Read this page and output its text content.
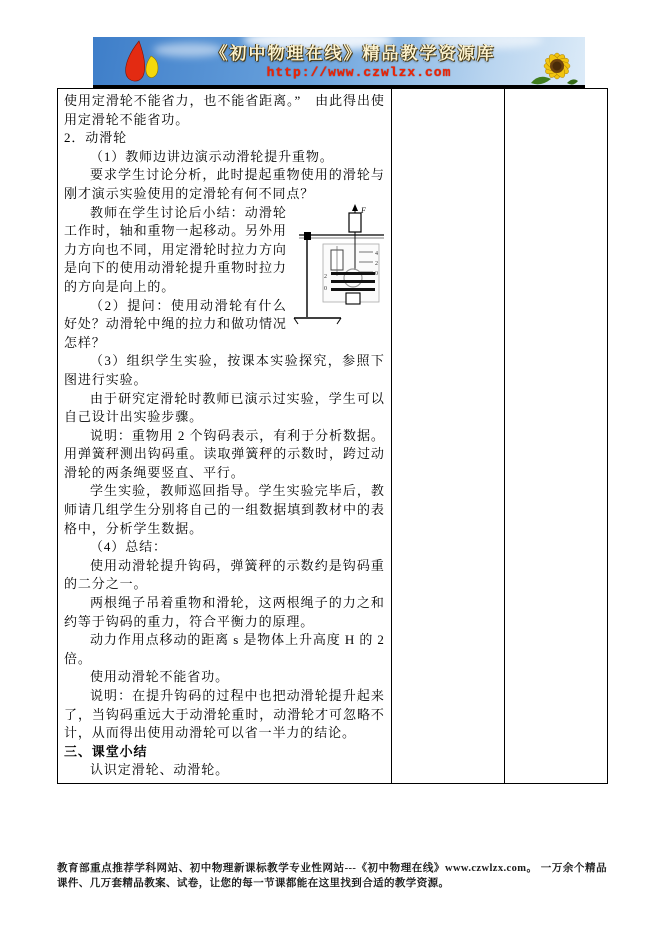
《初中物理在线》精品教学资源库
http://www.czwlzx.com

使用定滑轮不能省力，也不能省距离。”　由此得出使用定滑轮不能省功。

2．动滑轮

（1）教师边讲边演示动滑轮提升重物。

要求学生讨论分析，此时提起重物使用的滑轮与刚才演示实验使用的定滑轮有何不同点？

F
4
2
0
2
0

教师在学生讨论后小结：动滑轮工作时，轴和重物一起移动。另外用力方向也不同，用定滑轮时拉力方向是向下的使用动滑轮提升重物时拉力的方向是向上的。

（2）提问：使用动滑轮有什么好处？动滑轮中绳的拉力和做功情况怎样？

（3）组织学生实验，按课本实验探究，参照下图进行实验。

由于研究定滑轮时教师已演示过实验，学生可以自己设计出实验步骤。

说明：重物用 2 个钩码表示，有利于分析数据。用弹簧秤测出钩码重。读取弹簧秤的示数时，跨过动滑轮的两条绳要竖直、平行。

学生实验，教师巡回指导。学生实验完毕后，教师请几组学生分别将自己的一组数据填到教材中的表格中，分析学生数据。

（4）总结：

使用动滑轮提升钩码，弹簧秤的示数约是钩码重的二分之一。

两根绳子吊着重物和滑轮，这两根绳子的力之和约等于钩码的重力，符合平衡力的原理。

动力作用点移动的距离 s 是物体上升高度 H 的 2 倍。

使用动滑轮不能省功。

说明：在提升钩码的过程中也把动滑轮提升起来了，当钩码重远大于动滑轮重时，动滑轮才可忽略不计，从而得出使用动滑轮可以省一半力的结论。

三、课堂小结

认识定滑轮、动滑轮。

教育部重点推荐学科网站、初中物理新课标教学专业性网站---《初中物理在线》www.czwlzx.com。 一万余个精品课件、几万套精品教案、试卷，让您的每一节课都能在这里找到合适的教学资源。
